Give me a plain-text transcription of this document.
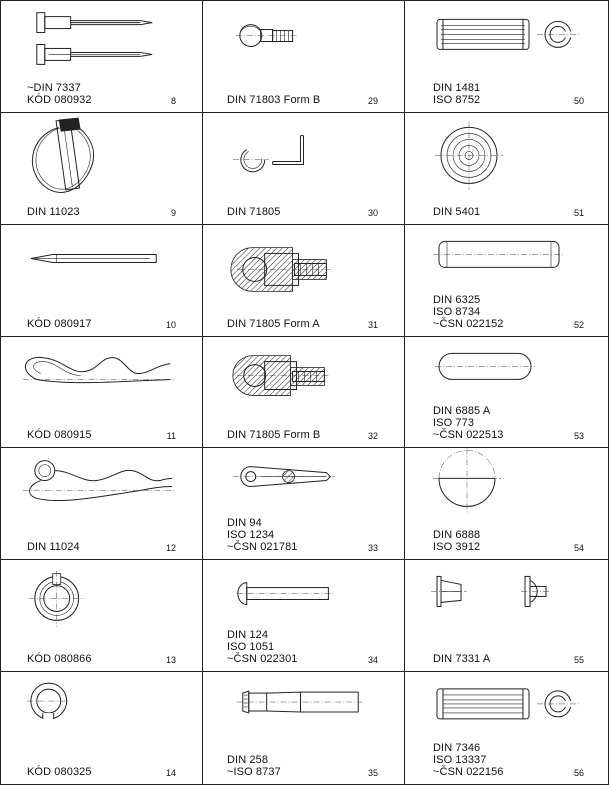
~DIN 7337
KÓD 080932	8	DIN 71803 Form B	29
DIN 1481
ISO 8752	50
DIN 11023	9	DIN 71805	30	DIN 5401	51
KÓD 080917	10	DIN 71805 Form A	31
DIN 6325
ISO 8734
~ČSN 022152	52
KÓD 080915	11	DIN 71805 Form B	32
DIN 6885 A
ISO 773
~ČSN 022513	53
DIN 11024	12
DIN 94
ISO 1234
~ČSN 021781	33
DIN 6888
ISO 3912	54
KÓD 080866	13
DIN 124
ISO 1051
~ČSN 022301	34	DIN 7331 A	55
KÓD 080325	14
DIN 258
~ISO 8737	35
DIN 7346
ISO 13337
~ČSN 022156	56
